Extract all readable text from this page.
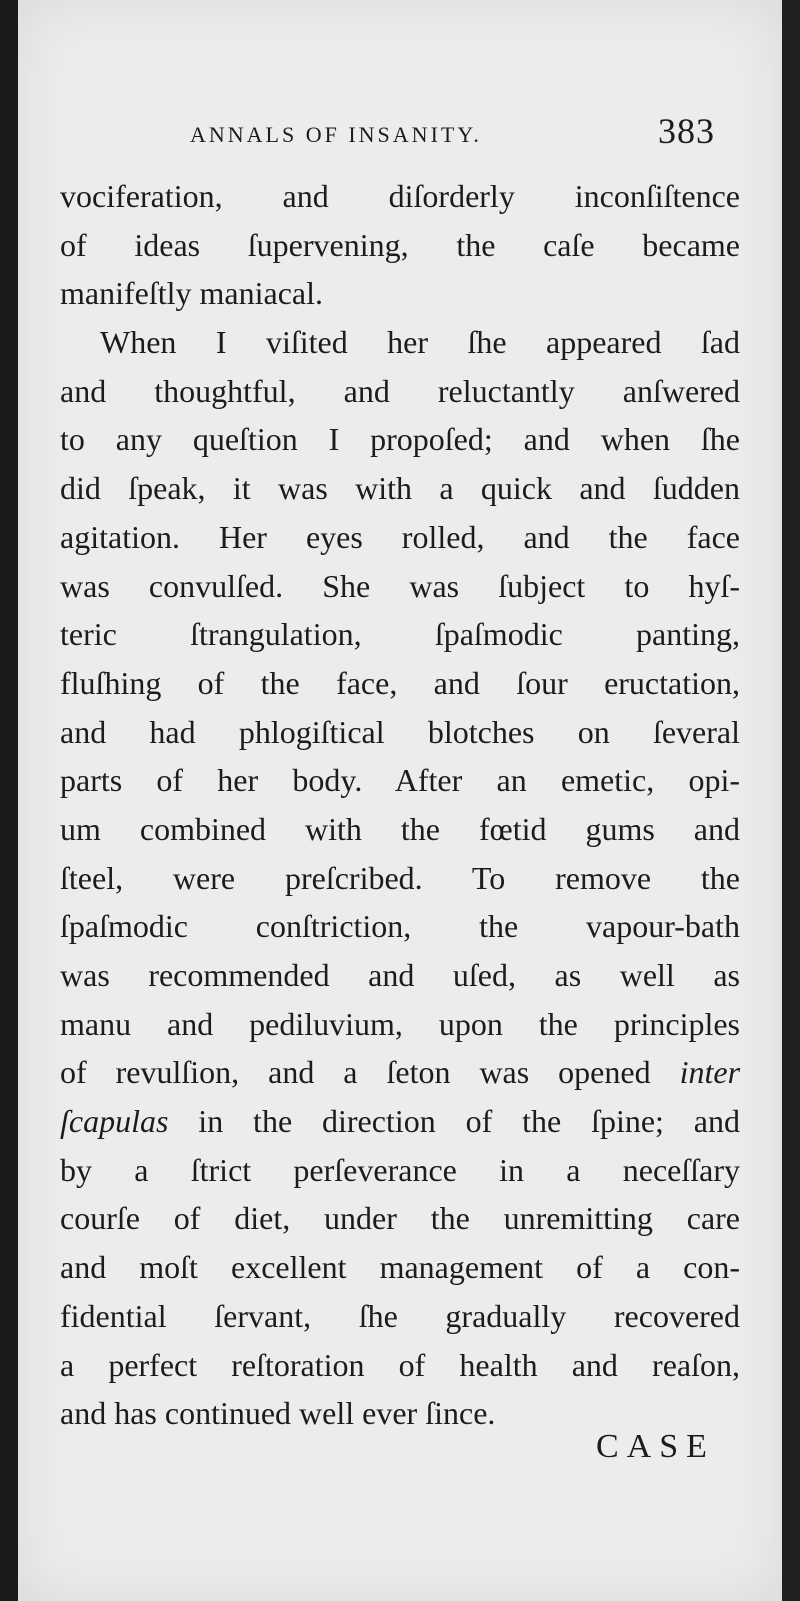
ANNALS OF INSANITY.	383
vociferation, and diſorderly inconſiſtence
of ideas ſupervening, the caſe became
manifeſtly maniacal.
When I viſited her ſhe appeared ſad
and thoughtful, and reluctantly anſwered
to any queſtion I propoſed; and when ſhe
did ſpeak, it was with a quick and ſudden
agitation. Her eyes rolled, and the face
was convulſed. She was ſubject to hyſ-
teric ſtrangulation, ſpaſmodic panting,
fluſhing of the face, and ſour eructation,
and had phlogiſtical blotches on ſeveral
parts of her body. After an emetic, opi-
um combined with the fœtid gums and
ſteel, were preſcribed. To remove the
ſpaſmodic conſtriction, the vapour-bath
was recommended and uſed, as well as
manu and pediluvium, upon the principles
of revulſion, and a ſeton was opened inter
ſcapulas in the direction of the ſpine; and
by a ſtrict perſeverance in a neceſſary
courſe of diet, under the unremitting care
and moſt excellent management of a con-
fidential ſervant, ſhe gradually recovered
a perfect reſtoration of health and reaſon,
and has continued well ever ſince.
CASE
